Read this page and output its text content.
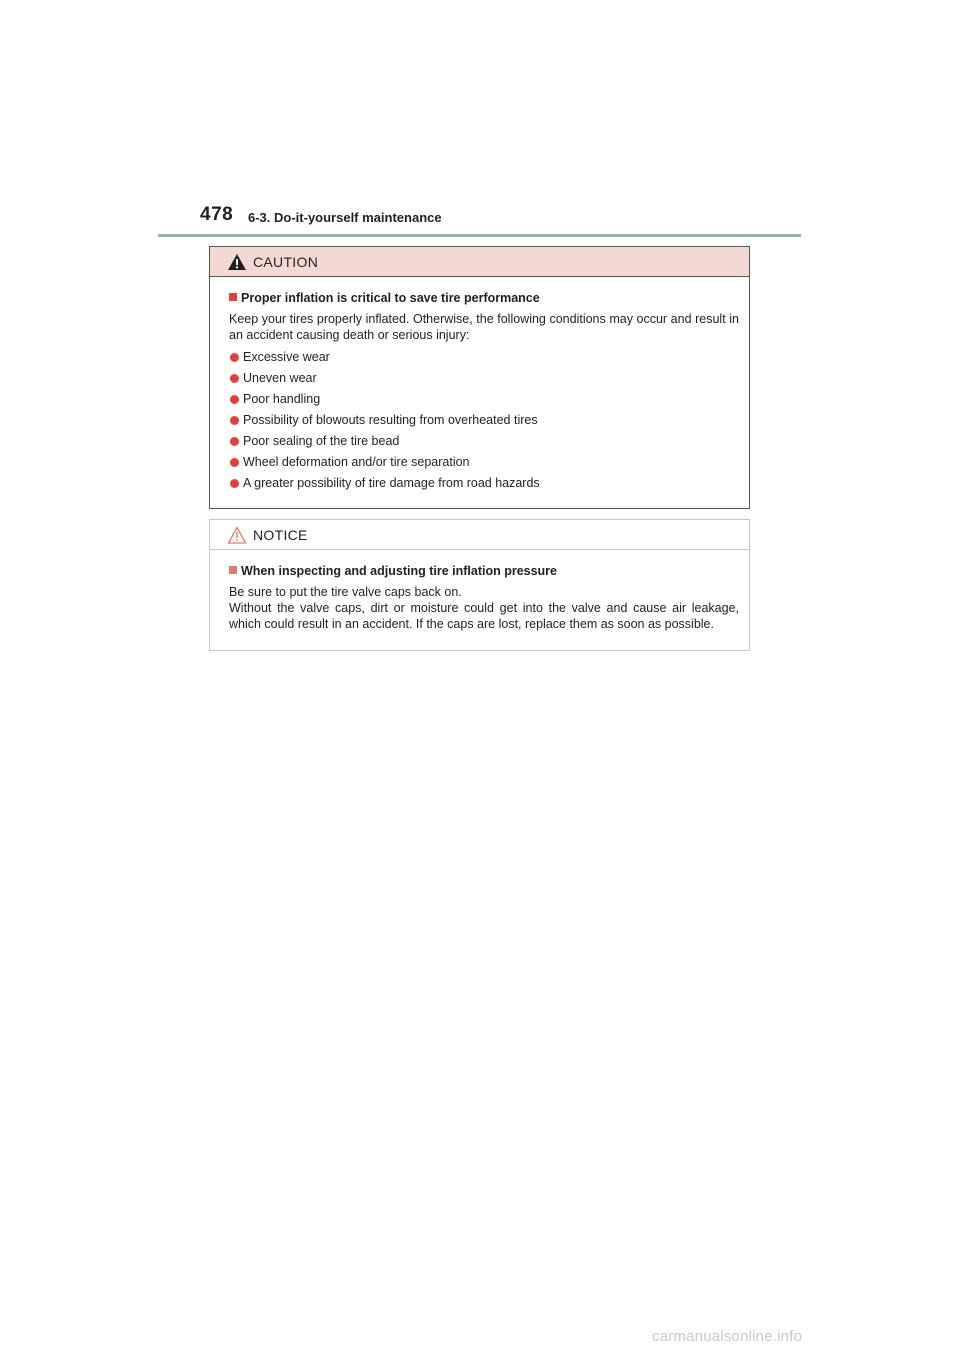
478 6-3. Do-it-yourself maintenance
CAUTION
Proper inflation is critical to save tire performance
Keep your tires properly inflated. Otherwise, the following conditions may occur and result in an accident causing death or serious injury:
Excessive wear
Uneven wear
Poor handling
Possibility of blowouts resulting from overheated tires
Poor sealing of the tire bead
Wheel deformation and/or tire separation
A greater possibility of tire damage from road hazards
NOTICE
When inspecting and adjusting tire inflation pressure
Be sure to put the tire valve caps back on.
Without the valve caps, dirt or moisture could get into the valve and cause air leakage, which could result in an accident. If the caps are lost, replace them as soon as possible.
carmanualsonline.info
